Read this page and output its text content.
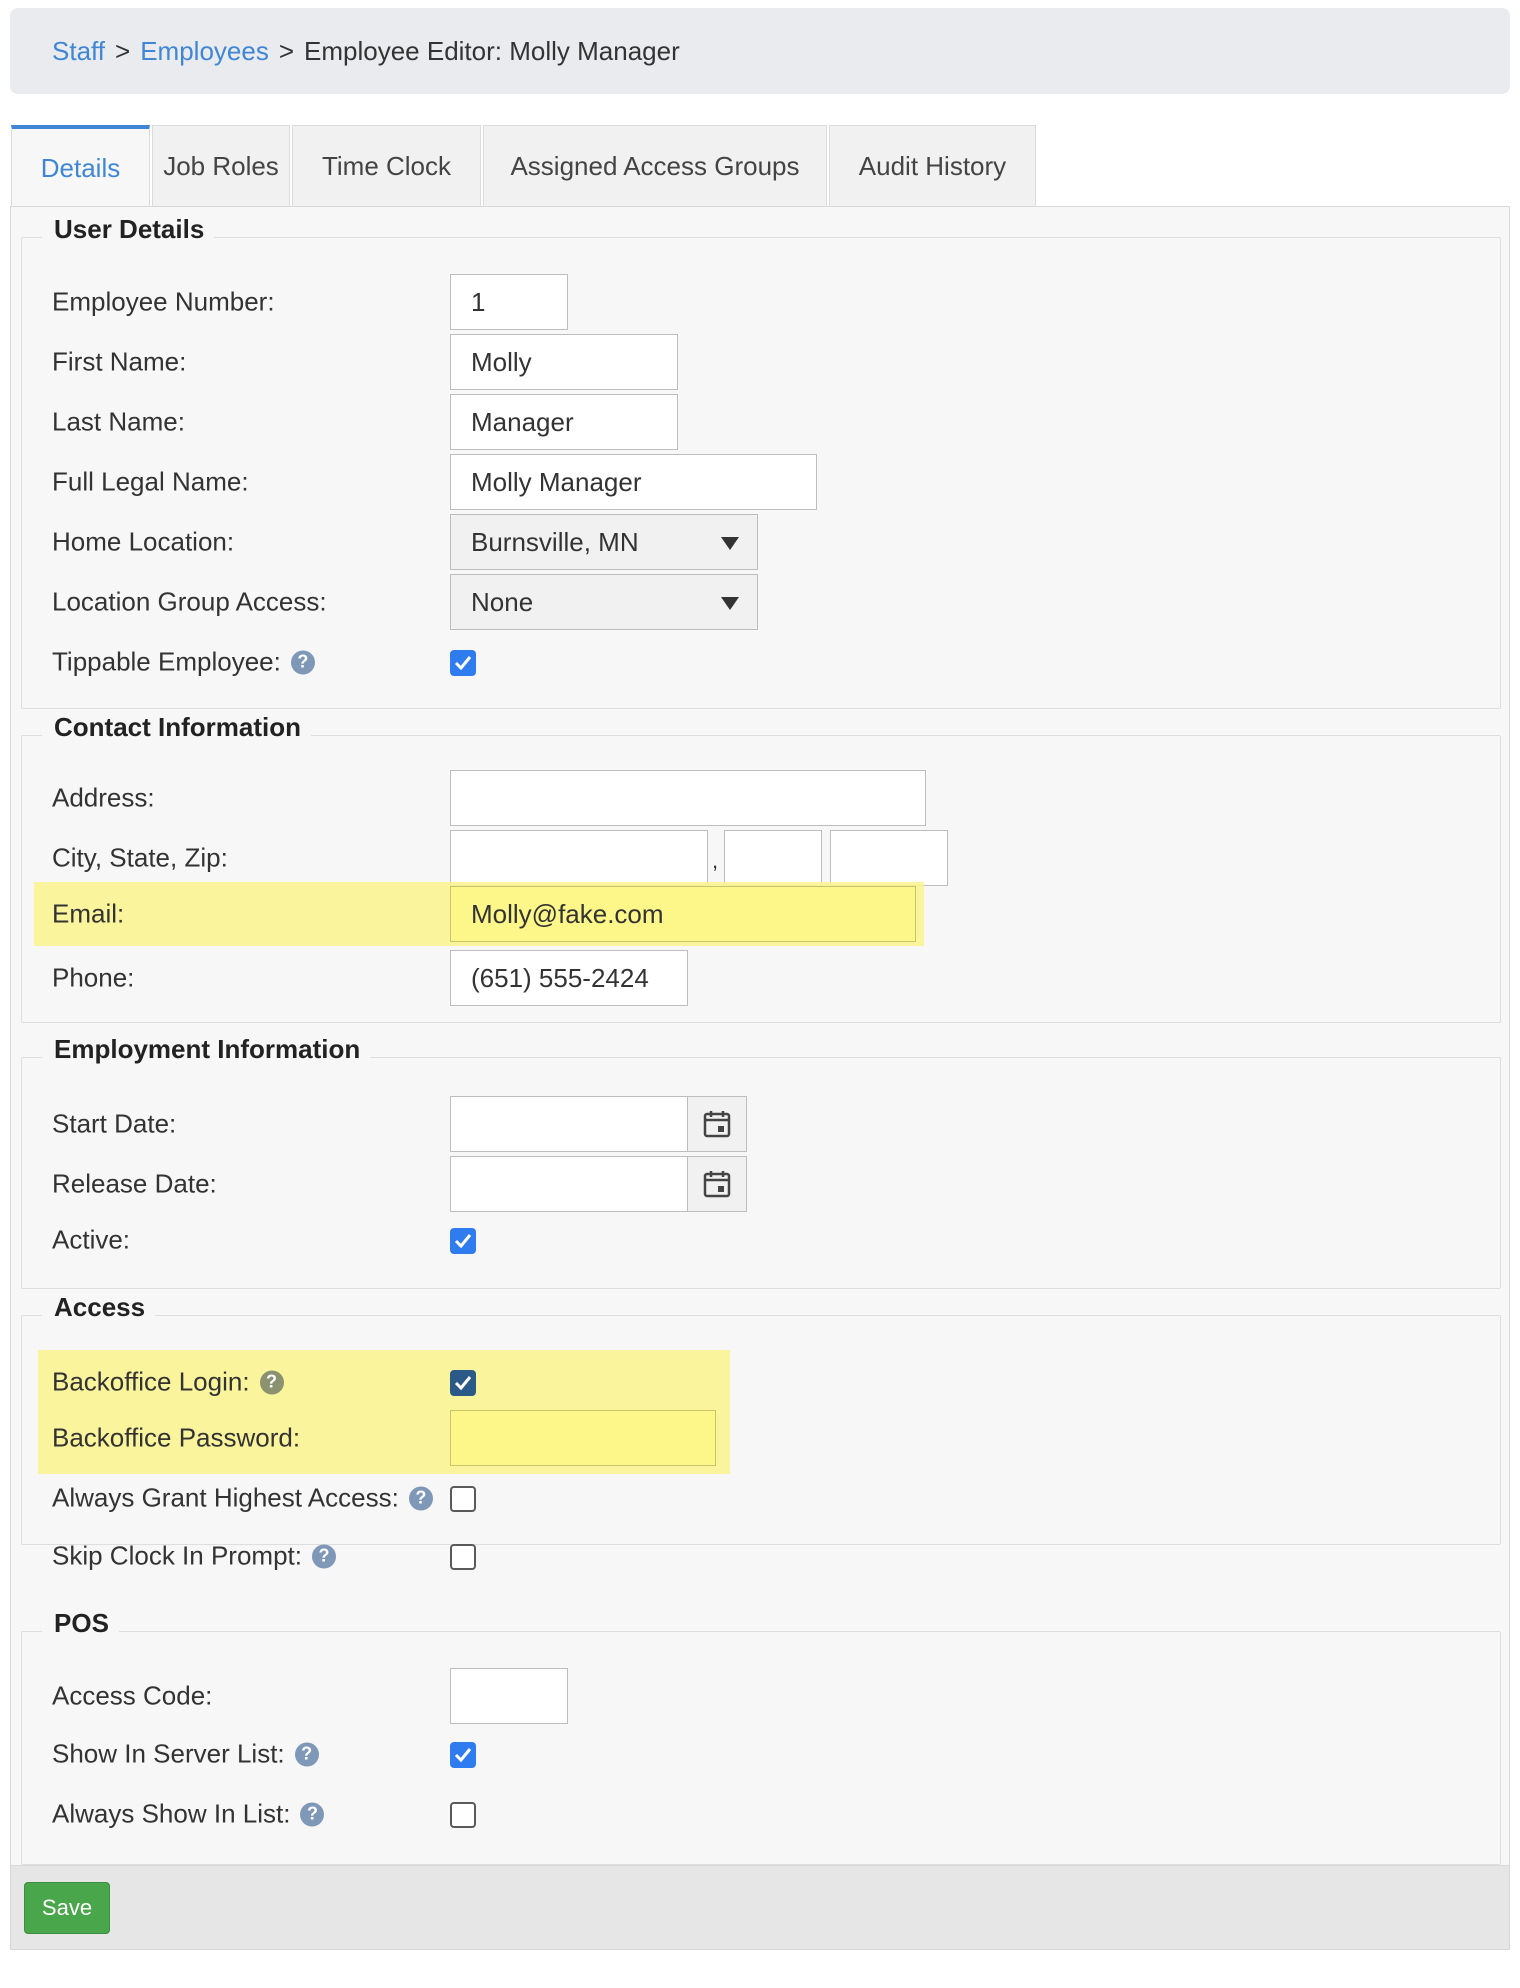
Staff > Employees > Employee Editor: Molly Manager
Details	Job Roles	Time Clock	Assigned Access Groups	Audit History
User Details
Employee Number:	1
First Name:	Molly
Last Name:	Manager
Full Legal Name:	Molly Manager
Home Location:	Burnsville, MN
Location Group Access:	None
Tippable Employee: ?
Contact Information
Address:
City, State, Zip:	,
Email:	Molly@fake.com
Phone:	(651) 555-2424
Employment Information
Start Date:
Release Date:
Active:
Access
Backoffice Login: ?
Backoffice Password:
Always Grant Highest Access: ?
Skip Clock In Prompt: ?
POS
Access Code:
Show In Server List: ?
Always Show In List: ?
Save
